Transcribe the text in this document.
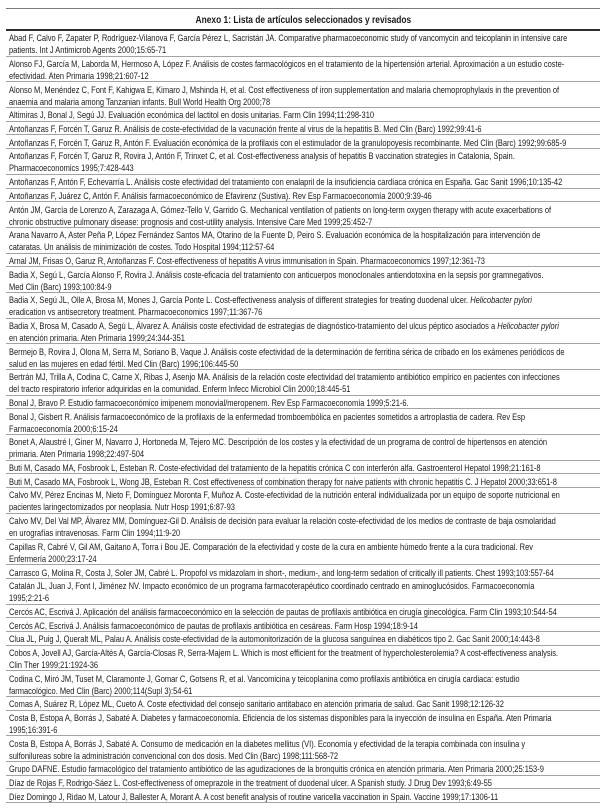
Anexo 1: Lista de artículos seleccionados y revisados
Abad F, Calvo F, Zapater P, Rodríguez-Vilanova F, García Pérez L, Sacristán JA. Comparative pharmacoeconomic study of vancomycin and teicoplanin in intensive care
patients. Int J Antimicrob Agents 2000;15:65-71
Alonso FJ, García M, Laborda M, Hermoso A, López F. Análisis de costes farmacológicos en el tratamiento de la hipertensión arterial. Aproximación a un estudio coste-
efectividad. Aten Primaria 1998;21:607-12
Alonso M, Menéndez C, Font F, Kahigwa E, Kimaro J, Mshinda H, et al. Cost effectiveness of iron supplementation and malaria chemoprophylaxis in the prevention of
anaemia and malaria among Tanzanian infants. Bull World Health Org 2000;78
Altimiras J, Bonal J, Segú JJ. Evaluación económica del lactitol en dosis unitarias. Farm Clin 1994;11:298-310
Antoñanzas F, Forcén T, Garuz R. Análisis de coste-efectividad de la vacunación frente al virus de la hepatitis B. Med Clin (Barc) 1992;99:41-6
Antoñanzas F, Forcén T, Garuz R, Antón F. Evaluación económica de la profilaxis con el estimulador de la granulopoyesis recombinante. Med Clin (Barc) 1992;99:685-9
Antoñanzas F, Forcén T, Garuz R, Rovira J, Antón F, Trinxet C, et al. Cost-effectiveness analysis of hepatitis B vaccination strategies in Catalonia, Spain.
Pharmacoeconomics 1995;7:428-443
Antoñanzas F, Antón F, Echevarría L. Análisis coste efectividad del tratamiento con enalapril de la insuficiencia cardíaca crónica en España. Gac Sanit 1996;10:135-42
Antoñanzas F, Juárez C, Antón F. Análisis farmacoeconómico de Efavirenz (Sustiva). Rev Esp Farmacoeconomía 2000;9:39-46
Antón JM, García de Lorenzo A, Zarazaga A, Gómez-Tello V, Garrido G. Mechanical ventilation of patients on long-term oxygen therapy with acute exacerbations of
chronic obstructive pulmonary disease: prognosis and cost-utility analysis. Intensive Care Med 1999;25:452-7
Arana Navarro A, Aster Peña P, López Fernández Santos MA, Otarino de la Fuente D, Peiro S. Evaluación económica de la hospitalización para intervención de
cataratas. Un análisis de minimización de costes. Todo Hospital 1994;112:57-64
Arnal JM, Frisas O, Garuz R, Antoñanzas F. Cost-effectiveness of hepatitis A virus immunisation in Spain. Pharmacoeconomics 1997;12:361-73
Badia X, Segú L, García Alonso F, Rovira J. Análisis coste-eficacia del tratamiento con anticuerpos monoclonales antiendotoxina en la sepsis por gramnegativos.
Med Clin (Barc) 1993;100:84-9
Badia X, Segú JL, Olle A, Brosa M, Mones J, García Ponte L. Cost-effectiveness analysis of different strategies for treating duodenal ulcer. Helicobacter pylori
eradication vs antisecretory treatment. Pharmacoeconomics 1997;11:367-76
Badia X, Brosa M, Casado A, Segú L, Álvarez A. Análisis coste efectividad de estrategias de diagnóstico-tratamiento del ulcus péptico asociados a Helicobacter pylori
en atención primaria. Aten Primaria 1999;24:344-351
Bermejo B, Rovira J, Olona M, Serra M, Soriano B, Vaque J. Análisis coste efectividad de la determinación de ferritina sérica de cribado en los exámenes periódicos de
salud en las mujeres en edad fértil. Med Clin (Barc) 1996;106:445-50
Bertrán MJ, Trilla A, Codina C, Carne X, Ribas J, Asenjo MA. Análisis de la relación coste efectividad del tratamiento antibiótico empírico en pacientes con infecciones
del tracto respiratorio inferior adquiridas en la comunidad. Enferm Infecc Microbiol Clin 2000;18:445-51
Bonal J, Bravo P. Estudio farmacoeconómico imipenem monovial/meropenem. Rev Esp Farmacoeconomía 1999;5:21-6.
Bonal J, Gisbert R. Análisis farmacoeconómico de la profilaxis de la enfermedad tromboembólica en pacientes sometidos a artroplastia de cadera. Rev Esp
Farmacoeconomía 2000;6:15-24
Bonet A, Alaustré I, Giner M, Navarro J, Hortoneda M, Tejero MC. Descripción de los costes y la efectividad de un programa de control de hipertensos en atención
primaria. Aten Primaria 1998;22:497-504
Buti M, Casado MA, Fosbrook L, Esteban R. Coste-efectividad del tratamiento de la hepatitis crónica C con interferón alfa. Gastroenterol Hepatol 1998;21:161-8
Buti M, Casado MA, Fosbrook L, Wong JB, Esteban R. Cost effectiveness of combination therapy for naive patients with chronic hepatitis C. J Hepatol 2000;33:651-8
Calvo MV, Pérez Encinas M, Nieto F, Domínguez Moronta F, Muñoz A. Coste-efectividad de la nutrición enteral individualizada por un equipo de soporte nutricional en
pacientes laringectomizados por neoplasia. Nutr Hosp 1991;6:87-93
Calvo MV, Del Val MP, Álvarez MM, Domínguez-Gil D. Análisis de decisión para evaluar la relación coste-efectividad de los medios de contraste de baja osmolaridad
en urografías intravenosas. Farm Clin 1994;11:9-20
Capillas R, Cabré V, Gil AM, Gaitano A, Torra i Bou JE. Comparación de la efectividad y coste de la cura en ambiente húmedo frente a la cura tradicional. Rev
Enfermería 2000;23:17-24
Carrasco G, Molina R, Costa J, Soler JM, Cabré L. Propofol vs midazolam in short-, medium-, and long-term sedation of critically ill patients. Chest 1993;103:557-64
Catalán JL, Juan J, Font I, Jiménez NV. Impacto económico de un programa farmacoterapéutico coordinado centrado en aminoglucósidos. Farmacoeconomía
1995;2:21-6
Cercós AC, Escrivá J. Aplicación del análisis farmacoeconómico en la selección de pautas de profilaxis antibiótica en cirugía ginecológica. Farm Clin 1993;10:544-54
Cercós AC, Escrivá J. Análisis farmacoeconómico de pautas de profilaxis antibiótica en cesáreas. Farm Hosp 1994;18:9-14
Clua JL, Puig J, Queralt ML, Palau A. Análisis coste-efectividad de la automonitorización de la glucosa sanguínea en diabéticos tipo 2. Gac Sanit 2000;14:443-8
Cobos A, Jovell AJ, García-Altés A, García-Closas R, Serra-Majem L. Which is most efficient for the treatment of hypercholesterolemia? A cost-effectiveness analysis.
Clin Ther 1999;21:1924-36
Codina C, Miró JM, Tuset M, Claramonte J, Gomar C, Gotsens R, et al. Vancomicina y teicoplanina como profilaxis antibiótica en cirugía cardiaca: estudio
farmacológico. Med Clin (Barc) 2000;114(Supl 3):54-61
Comas A, Suárez R, López ML, Cueto A. Coste efectividad del consejo sanitario antitabaco en atención primaria de salud. Gac Sanit 1998;12:126-32
Costa B, Estopa A, Borrás J, Sabaté A. Diabetes y farmacoeconomía. Eficiencia de los sistemas disponibles para la inyección de insulina en España. Aten Primaria
1995;16:391-6
Costa B, Estopa A, Borrás J, Sabaté A. Consumo de medicación en la diabetes mellitus (VI). Economía y efectividad de la terapia combinada con insulina y
sulfonilureas sobre la administración convencional con dos dosis. Med Clin (Barc) 1998;111:568-72
Grupo DAFNE. Estudio farmacológico del tratamiento antibiótico de las agudizaciones de la bronquitis crónica en atención primaria. Aten Primaria 2000;25:153-9
Díaz de Rojas F, Rodrigo-Sáez L. Cost-effectiveness of omeprazole in the treatment of duodenal ulcer. A Spanish study. J Drug Dev 1993;6:49-55
Díez Domingo J, Ridao M, Latour J, Ballester A, Morant A. A cost benefit analysis of routine varicella vaccination in Spain. Vaccine 1999;17:1306-11
